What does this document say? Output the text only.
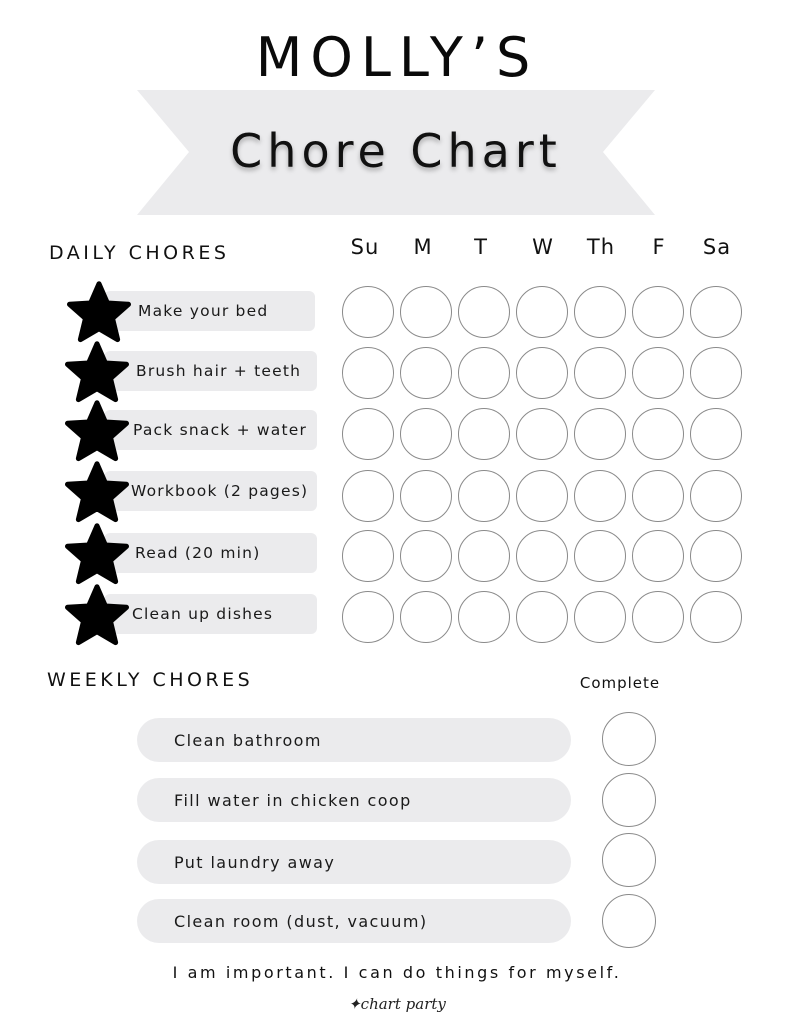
MOLLY’S
Chore Chart
DAILY CHORES	Su	M	T	W	Th	F	Sa
Make your bed
Brush hair + teeth
Pack snack + water
Workbook (2 pages)
Read (20 min)
Clean up dishes
WEEKLY CHORES	Complete
Clean bathroom
Fill water in chicken coop
Put laundry away
Clean room (dust, vacuum)
I am important. I can do things for myself.
✦chart party
